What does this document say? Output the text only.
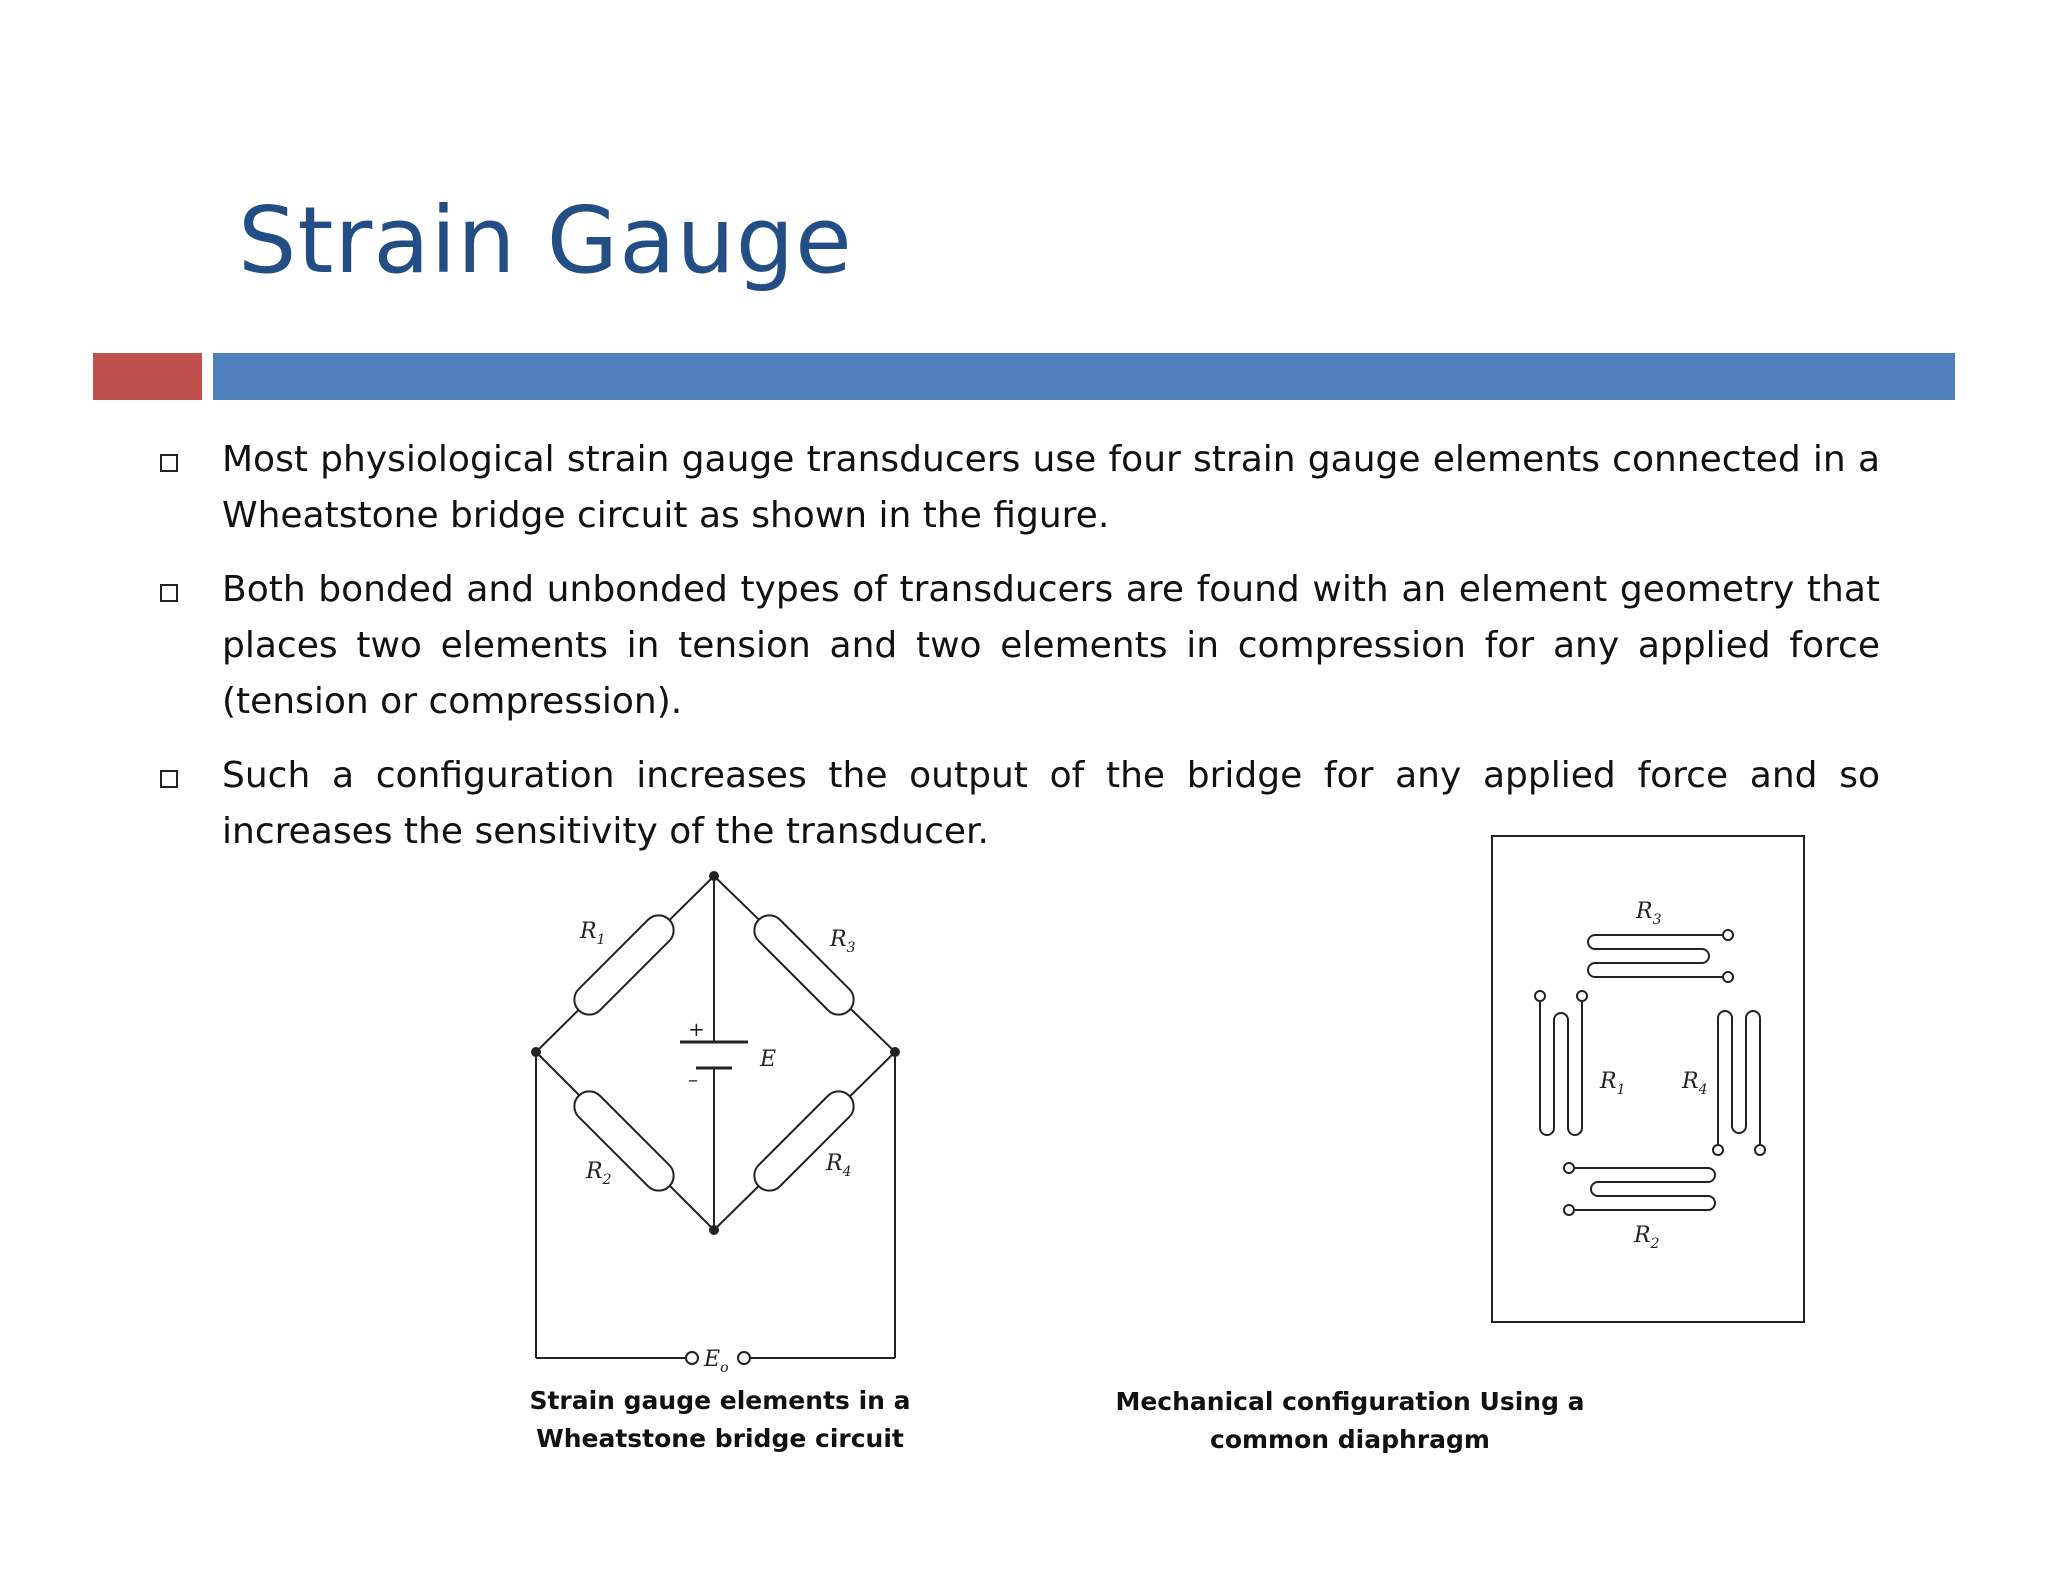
Strain Gauge
Most physiological strain gauge transducers use four strain gauge elements connected in a Wheatstone bridge circuit as shown in the figure.
Both bonded and unbonded types of transducers are found with an element geometry that places two elements in tension and two elements in compression for any applied force (tension or compression).
Such a configuration increases the output of the bridge for any applied force and so increases the sensitivity of the transducer.
$R_1$	$R_3$
$R_2$
$R_4$
E
+
–
$E_o$

Strain gauge elements in a
Wheatstone bridge circuit

$R_3$
$R_1$	$R_4$
$R_2$

Mechanical configuration Using a
common diaphragm
